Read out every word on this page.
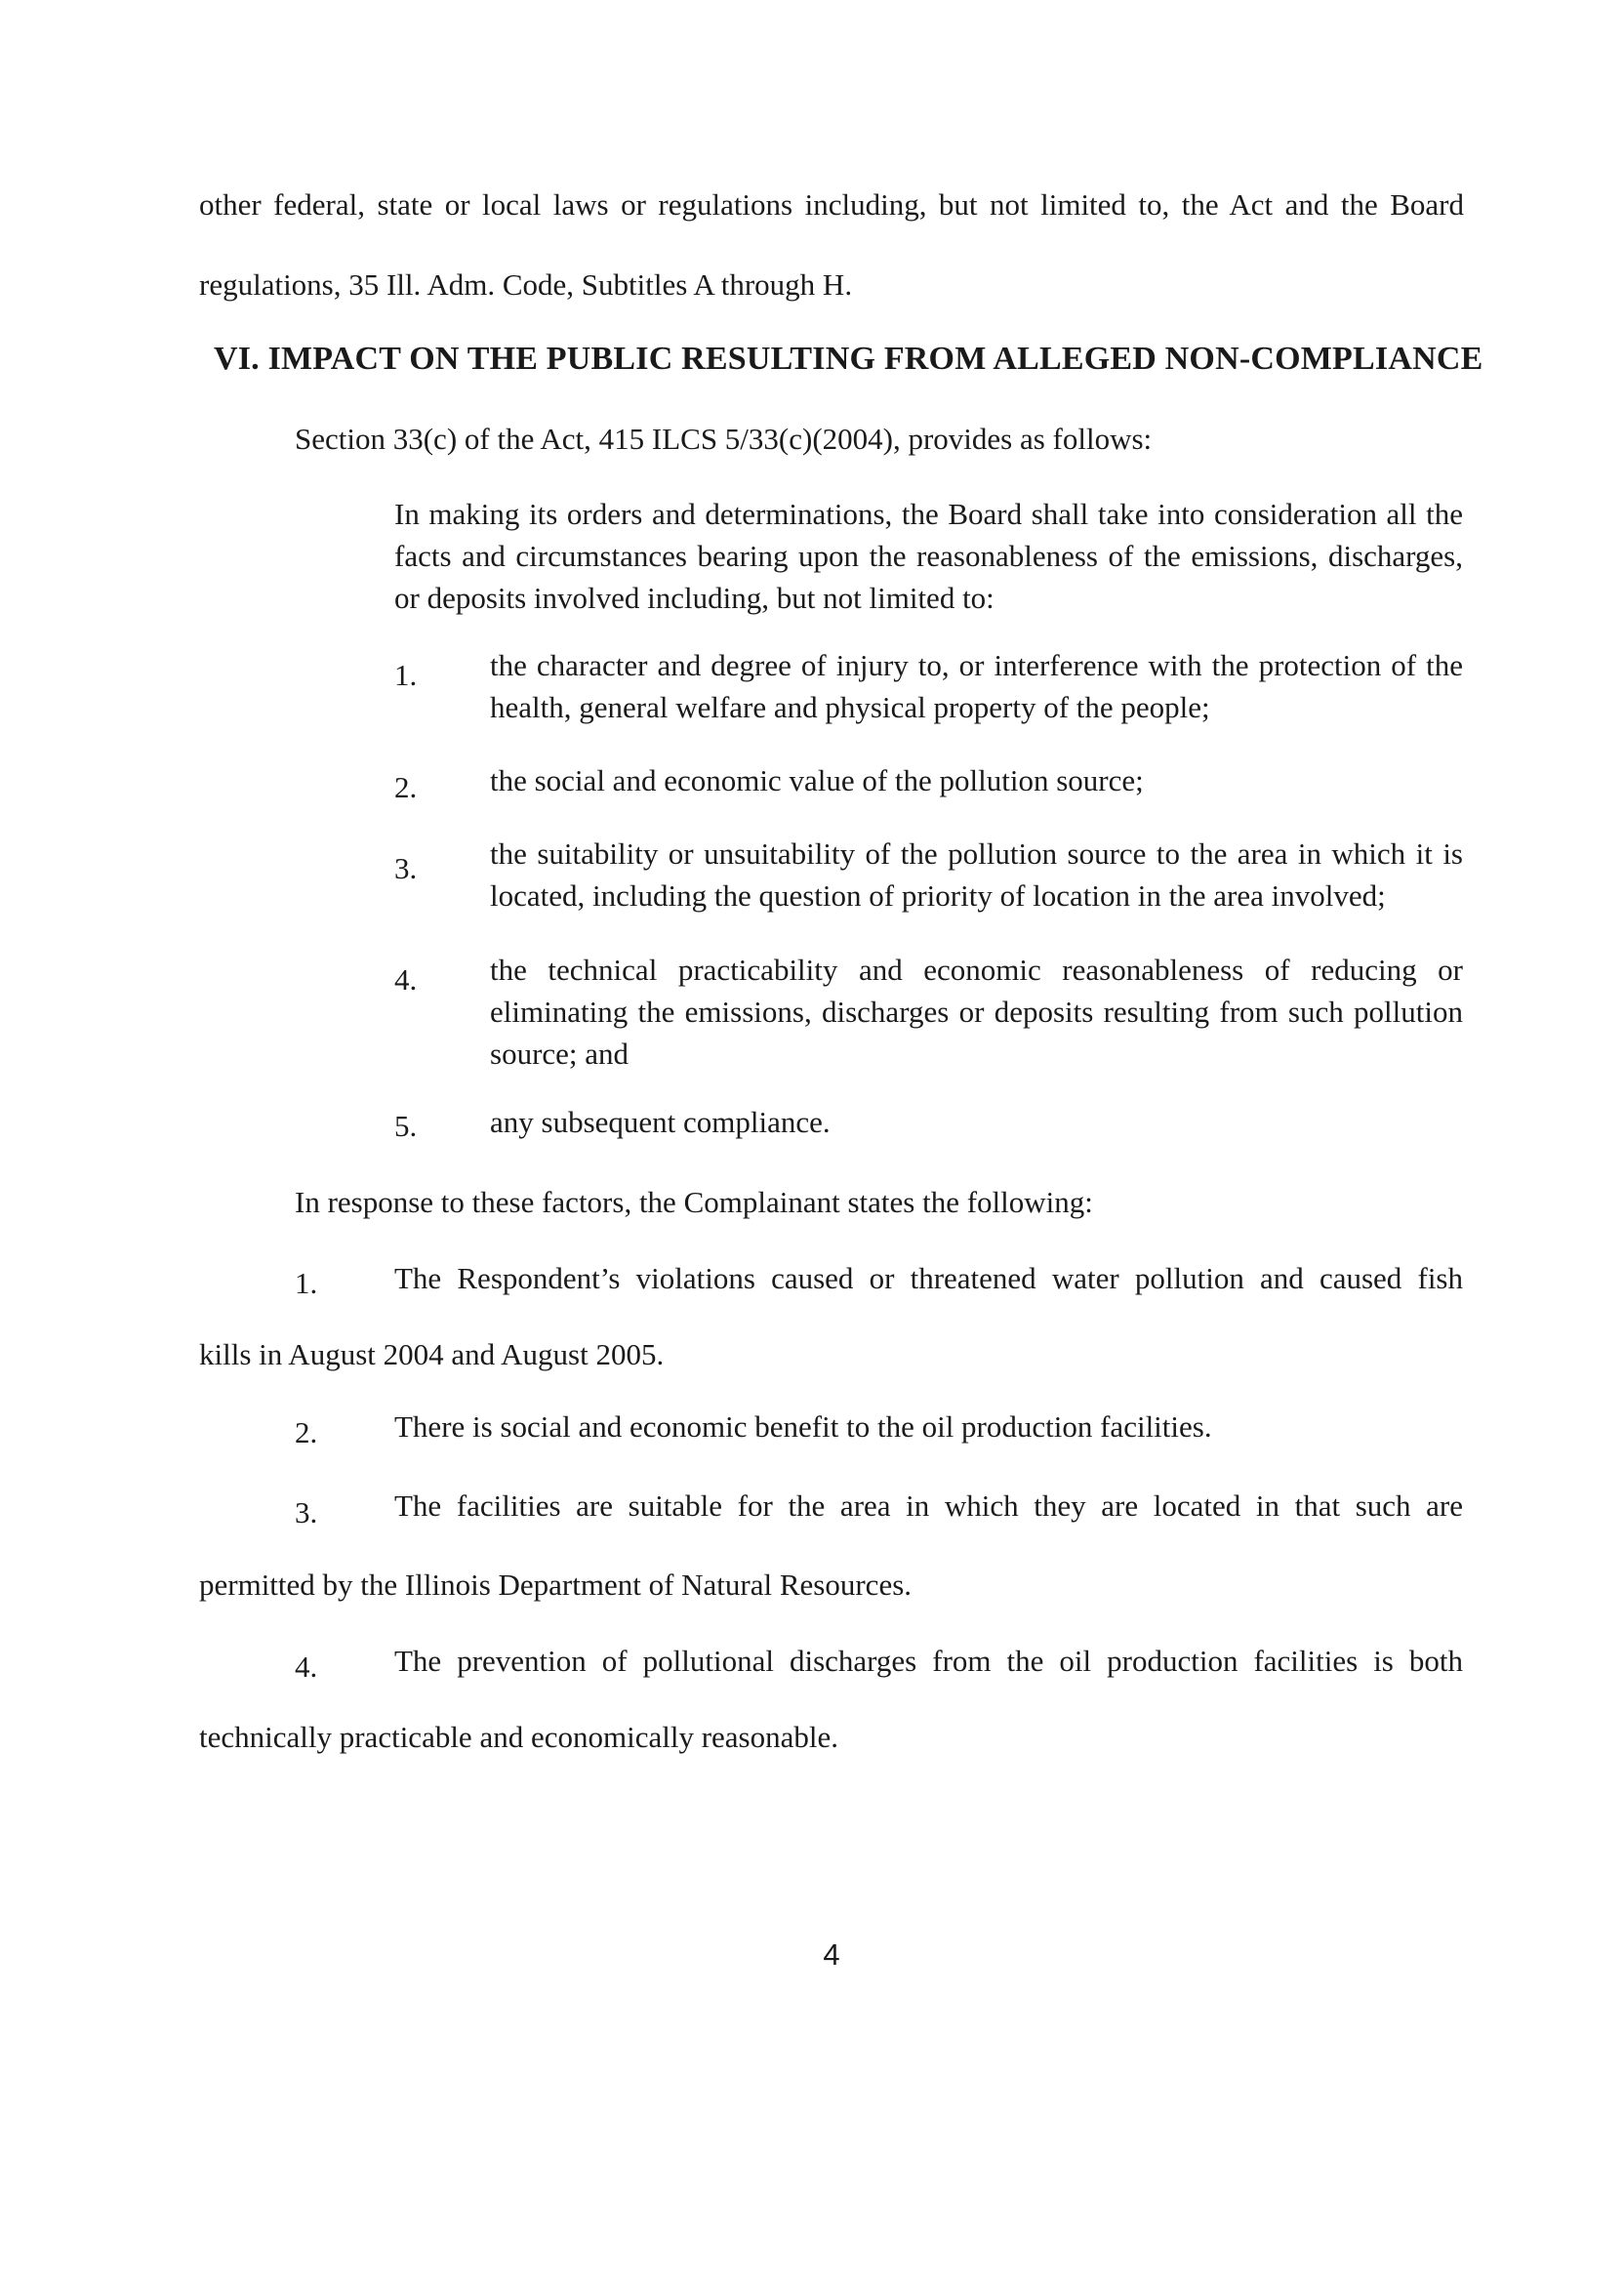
other federal, state or local laws or regulations including, but not limited to, the Act and the Board
regulations, 35 Ill. Adm. Code, Subtitles A through H.
VI. IMPACT ON THE PUBLIC RESULTING FROM ALLEGED NON-COMPLIANCE
Section 33(c) of the Act, 415 ILCS 5/33(c)(2004), provides as follows:
In making its orders and determinations, the Board shall take into consideration all the facts and circumstances bearing upon the reasonableness of the emissions, discharges, or deposits involved including, but not limited to:
1. the character and degree of injury to, or interference with the protection of the health, general welfare and physical property of the people;
2. the social and economic value of the pollution source;
3. the suitability or unsuitability of the pollution source to the area in which it is located, including the question of priority of location in the area involved;
4. the technical practicability and economic reasonableness of reducing or eliminating the emissions, discharges or deposits resulting from such pollution source; and
5. any subsequent compliance.
In response to these factors, the Complainant states the following:
1.	The Respondent’s violations caused or threatened water pollution and caused fish
kills in August 2004 and August 2005.
2.	There is social and economic benefit to the oil production facilities.
3.	The facilities are suitable for the area in which they are located in that such are
permitted by the Illinois Department of Natural Resources.
4.	The prevention of pollutional discharges from the oil production facilities is both
technically practicable and economically reasonable.
4
